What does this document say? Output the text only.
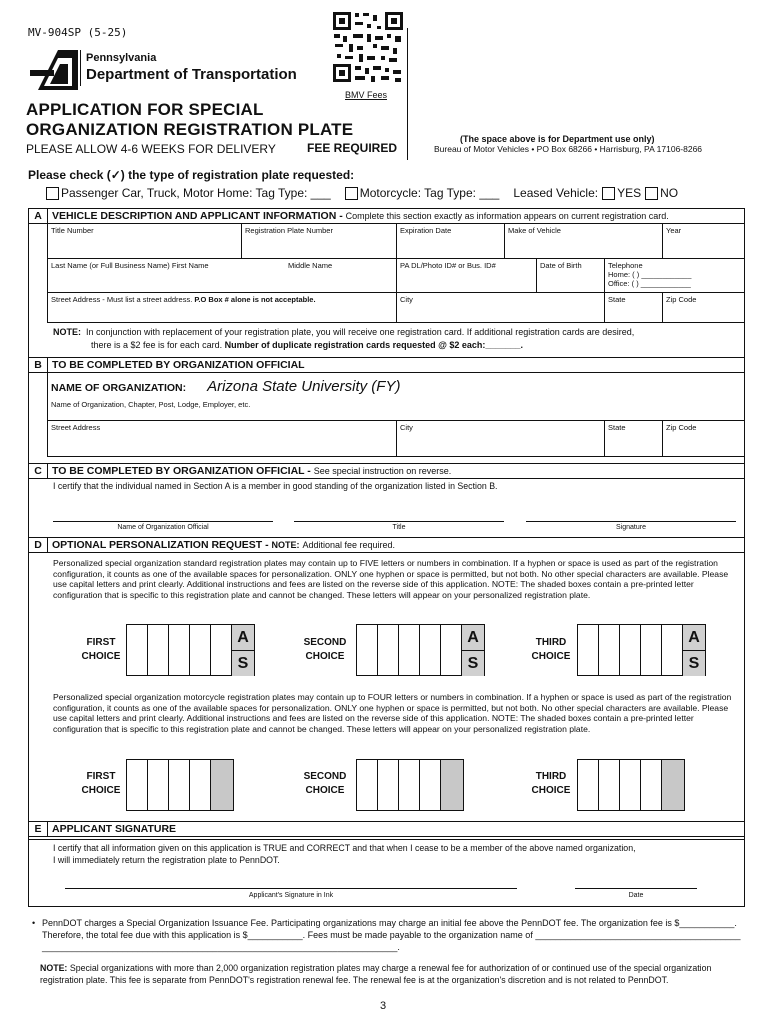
MV-904SP (5-25)
Pennsylvania
Department of Transportation
BMV Fees
APPLICATION FOR SPECIAL
ORGANIZATION REGISTRATION PLATE
PLEASE ALLOW 4-6 WEEKS FOR DELIVERY	FEE REQUIRED
(The space above is for Department use only)
Bureau of Motor Vehicles • PO Box 68266 • Harrisburg, PA 17106-8266
Please check (✓) the type of registration plate requested:
Passenger Car, Truck, Motor Home: Tag Type: ___ Motorcycle: Tag Type: ___ Leased Vehicle: YES NO
A VEHICLE DESCRIPTION AND APPLICANT INFORMATION - Complete this section exactly as information appears on current registration card.
Title Number	Registration Plate Number	Expiration Date	Make of Vehicle	Year
Last Name (or Full Business Name) First Name	Middle Name	PA DL/Photo ID# or Bus. ID#	Date of Birth	Telephone
Home: ( ) ____________
Office: ( ) ____________
Street Address - Must list a street address. P.O Box # alone is not acceptable.	City	State	Zip Code
NOTE: In conjunction with replacement of your registration plate, you will receive one registration card. If additional registration cards are desired,
there is a $2 fee is for each card. Number of duplicate registration cards requested @ $2 each:_______.
B TO BE COMPLETED BY ORGANIZATION OFFICIAL
NAME OF ORGANIZATION: Arizona State University (FY)
Name of Organization, Chapter, Post, Lodge, Employer, etc.
Street Address	City	State	Zip Code
C TO BE COMPLETED BY ORGANIZATION OFFICIAL - See special instruction on reverse.
I certify that the individual named in Section A is a member in good standing of the organization listed in Section B.
Name of Organization Official	Title	Signature
D OPTIONAL PERSONALIZATION REQUEST - NOTE: Additional fee required.
Personalized special organization standard registration plates may contain up to FIVE letters or numbers in combination. If a hyphen or space is used as part of the registration configuration, it counts as one of the available spaces for personalization. ONLY one hyphen or space is permitted, but not both. No other special characters are available. Please use capital letters and print clearly. Additional instructions and fees are listed on the reverse side of this application. NOTE: The shaded boxes contain a pre-printed letter configuration that is specific to this registration plate and cannot be changed. These letters will appear on your personalized registration plate.
FIRST
CHOICE
A
S
SECOND
CHOICE
A
S
THIRD
CHOICE
A
S
Personalized special organization motorcycle registration plates may contain up to FOUR letters or numbers in combination. If a hyphen or space is used as part of the registration configuration, it counts as one of the available spaces for personalization. ONLY one hyphen or space is permitted, but not both. No other special characters are available. Please use capital letters and print clearly. Additional instructions and fees are listed on the reverse side of this application. NOTE: The shaded boxes contain a pre-printed letter configuration that is specific to this registration plate and cannot be changed. These letters will appear on your personalized registration plate.
FIRST
CHOICE
SECOND
CHOICE
THIRD
CHOICE
E	APPLICANT SIGNATURE
I certify that all information given on this application is TRUE and CORRECT and that when I cease to be a member of the above named organization,
I will immediately return the registration plate to PennDOT.
Applicant's Signature in Ink	Date
• PennDOT charges a Special Organization Issuance Fee. Participating organizations may charge an initial fee above the PennDOT fee. The organization fee is $___________. Therefore, the total fee due with this application is $___________. Fees must be made payable to the organization name of ________________________________________________________________________________________________________________.
NOTE: Special organizations with more than 2,000 organization registration plates may charge a renewal fee for authorization of or continued use of the special organization registration plate. This fee is separate from PennDOT's registration renewal fee. The renewal fee is at the organization's discretion and is not related to PennDOT.
3
